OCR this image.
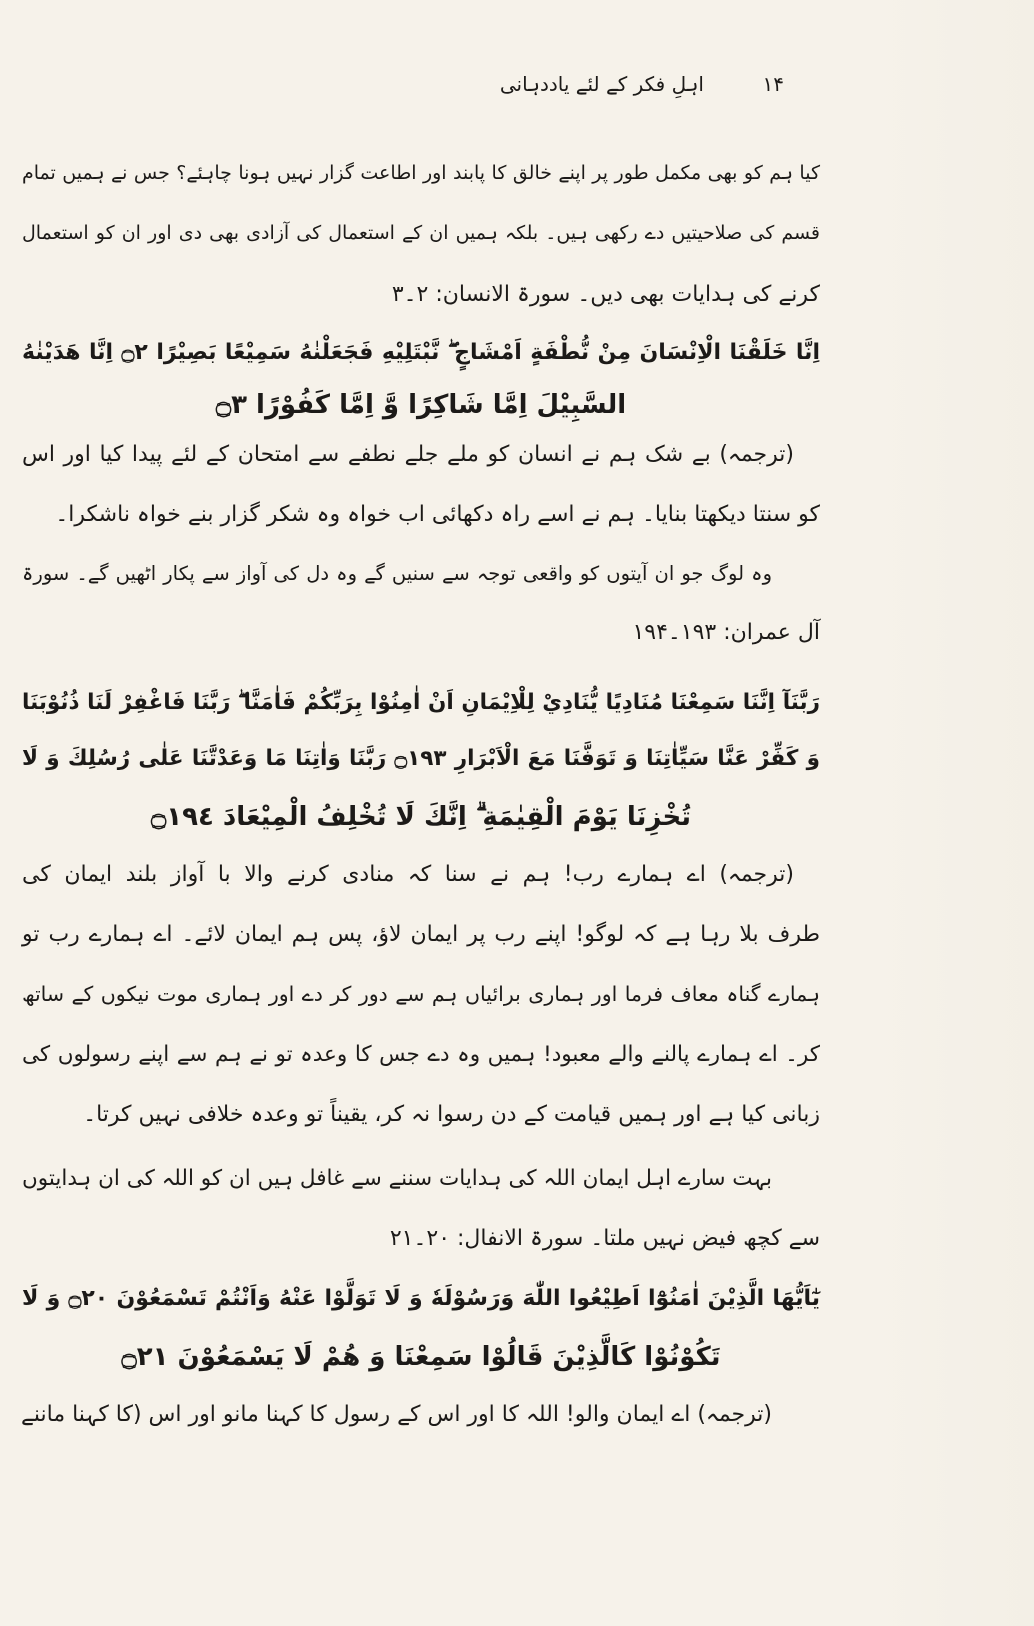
۱۴
اہلِ فکر کے لئے یاددہانی
کیا ہم کو بھی مکمل طور پر اپنے خالق کا پابند اور اطاعت گزار نہیں ہونا چاہئے؟ جس نے ہمیں تمام
قسم کی صلاحیتیں دے رکھی ہیں۔ بلکہ ہمیں ان کے استعمال کی آزادی بھی دی اور ان کو استعمال
کرنے کی ہدایات بھی دیں۔ سورۃ الانسان: ۲۔۳
اِنَّا خَلَقْنَا الْاِنْسَانَ مِنْ نُّطْفَةٍ اَمْشَاجٍ ۖ نَّبْتَلِيْهِ فَجَعَلْنٰهُ سَمِيْعًا بَصِيْرًا ۝٢ اِنَّا هَدَيْنٰهُ
السَّبِيْلَ اِمَّا شَاكِرًا وَّ اِمَّا كَفُوْرًا ۝٣
(ترجمہ) بے شک ہم نے انسان کو ملے جلے نطفے سے امتحان کے لئے پیدا کیا اور اس
کو سنتا دیکھتا بنایا۔ ہم نے اسے راہ دکھائی اب خواہ وہ شکر گزار بنے خواہ ناشکرا۔
وہ لوگ جو ان آیتوں کو واقعی توجہ سے سنیں گے وہ دل کی آواز سے پکار اٹھیں گے۔ سورۃ
آل عمران: ۱۹۳۔۱۹۴
رَبَّنَآ اِنَّنَا سَمِعْنَا مُنَادِيًا يُّنَادِيْ لِلْاِيْمَانِ اَنْ اٰمِنُوْا بِرَبِّكُمْ فَاٰمَنَّا ۖ رَبَّنَا فَاغْفِرْ لَنَا ذُنُوْبَنَا
وَ كَفِّرْ عَنَّا سَيِّاٰتِنَا وَ تَوَفَّنَا مَعَ الْاَبْرَارِ ۝١٩٣ رَبَّنَا وَاٰتِنَا مَا وَعَدْتَّنَا عَلٰى رُسُلِكَ وَ لَا
تُخْزِنَا يَوْمَ الْقِيٰمَةِ ۗ اِنَّكَ لَا تُخْلِفُ الْمِيْعَادَ ۝١٩٤
(ترجمہ) اے ہمارے رب! ہم نے سنا کہ منادی کرنے والا با آواز بلند ایمان کی
طرف بلا رہا ہے کہ لوگو! اپنے رب پر ایمان لاؤ، پس ہم ایمان لائے۔ اے ہمارے رب تو
ہمارے گناہ معاف فرما اور ہماری برائیاں ہم سے دور کر دے اور ہماری موت نیکوں کے ساتھ
کر۔ اے ہمارے پالنے والے معبود! ہمیں وہ دے جس کا وعدہ تو نے ہم سے اپنے رسولوں کی
زبانی کیا ہے اور ہمیں قیامت کے دن رسوا نہ کر، یقیناً تو وعدہ خلافی نہیں کرتا۔
بہت سارے اہل ایمان اللہ کی ہدایات سننے سے غافل ہیں ان کو اللہ کی ان ہدایتوں
سے کچھ فیض نہیں ملتا۔ سورۃ الانفال: ۲۰۔۲۱
يٰٓاَيُّهَا الَّذِيْنَ اٰمَنُوْٓا اَطِيْعُوا اللّٰهَ وَرَسُوْلَهٗ وَ لَا تَوَلَّوْا عَنْهُ وَاَنْتُمْ تَسْمَعُوْنَ ۝٢٠ وَ لَا
تَكُوْنُوْا كَالَّذِيْنَ قَالُوْا سَمِعْنَا وَ هُمْ لَا يَسْمَعُوْنَ ۝٢١
(ترجمہ) اے ایمان والو! اللہ کا اور اس کے رسول کا کہنا مانو اور اس (کا کہنا ماننے
